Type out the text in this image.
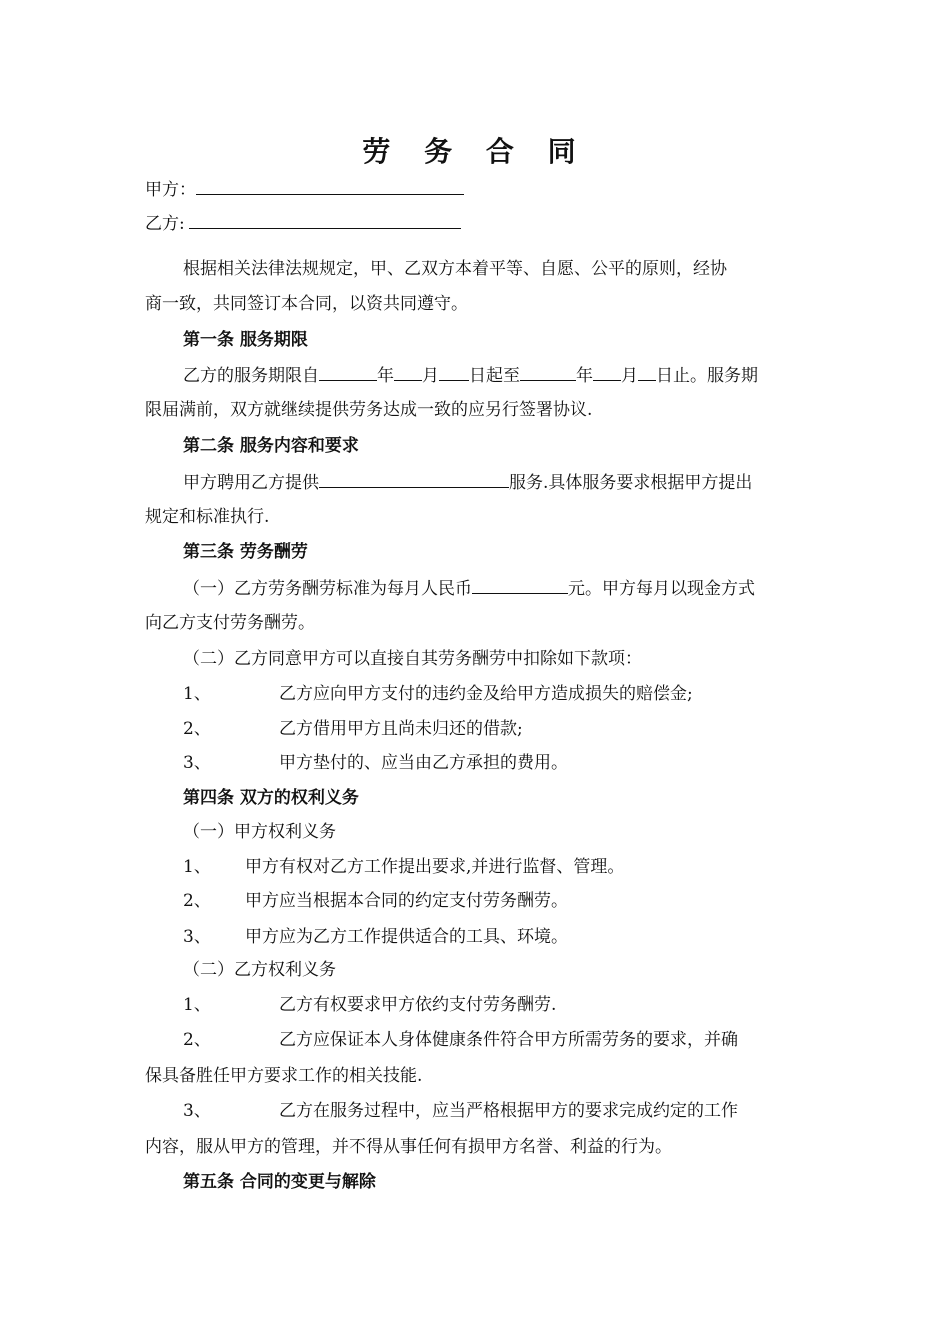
劳 务 合 同
甲方：
乙方:
根据相关法律法规规定，甲、乙双方本着平等、自愿、公平的原则，经协
商一致，共同签订本合同，以资共同遵守。
第一条 服务期限
乙方的服务期限自	年 月 日起至	年 月 日止。服务期
限届满前，双方就继续提供劳务达成一致的应另行签署协议.
第二条 服务内容和要求
甲方聘用乙方提供	服务.具体服务要求根据甲方提出
规定和标准执行.
第三条 劳务酬劳
（一）乙方劳务酬劳标准为每月人民币	元。甲方每月以现金方式
向乙方支付劳务酬劳。
（二）乙方同意甲方可以直接自其劳务酬劳中扣除如下款项：
1、	乙方应向甲方支付的违约金及给甲方造成损失的赔偿金;
2、	乙方借用甲方且尚未归还的借款;
3、	甲方垫付的、应当由乙方承担的费用。
第四条 双方的权利义务
（一）甲方权利义务
1、 甲方有权对乙方工作提出要求,并进行监督、管理。
2、 甲方应当根据本合同的约定支付劳务酬劳。
3、 甲方应为乙方工作提供适合的工具、环境。
（二）乙方权利义务
1、	乙方有权要求甲方依约支付劳务酬劳.
2、	乙方应保证本人身体健康条件符合甲方所需劳务的要求，并确
保具备胜任甲方要求工作的相关技能.
3、	乙方在服务过程中，应当严格根据甲方的要求完成约定的工作
内容，服从甲方的管理，并不得从事任何有损甲方名誉、利益的行为。
第五条 合同的变更与解除
